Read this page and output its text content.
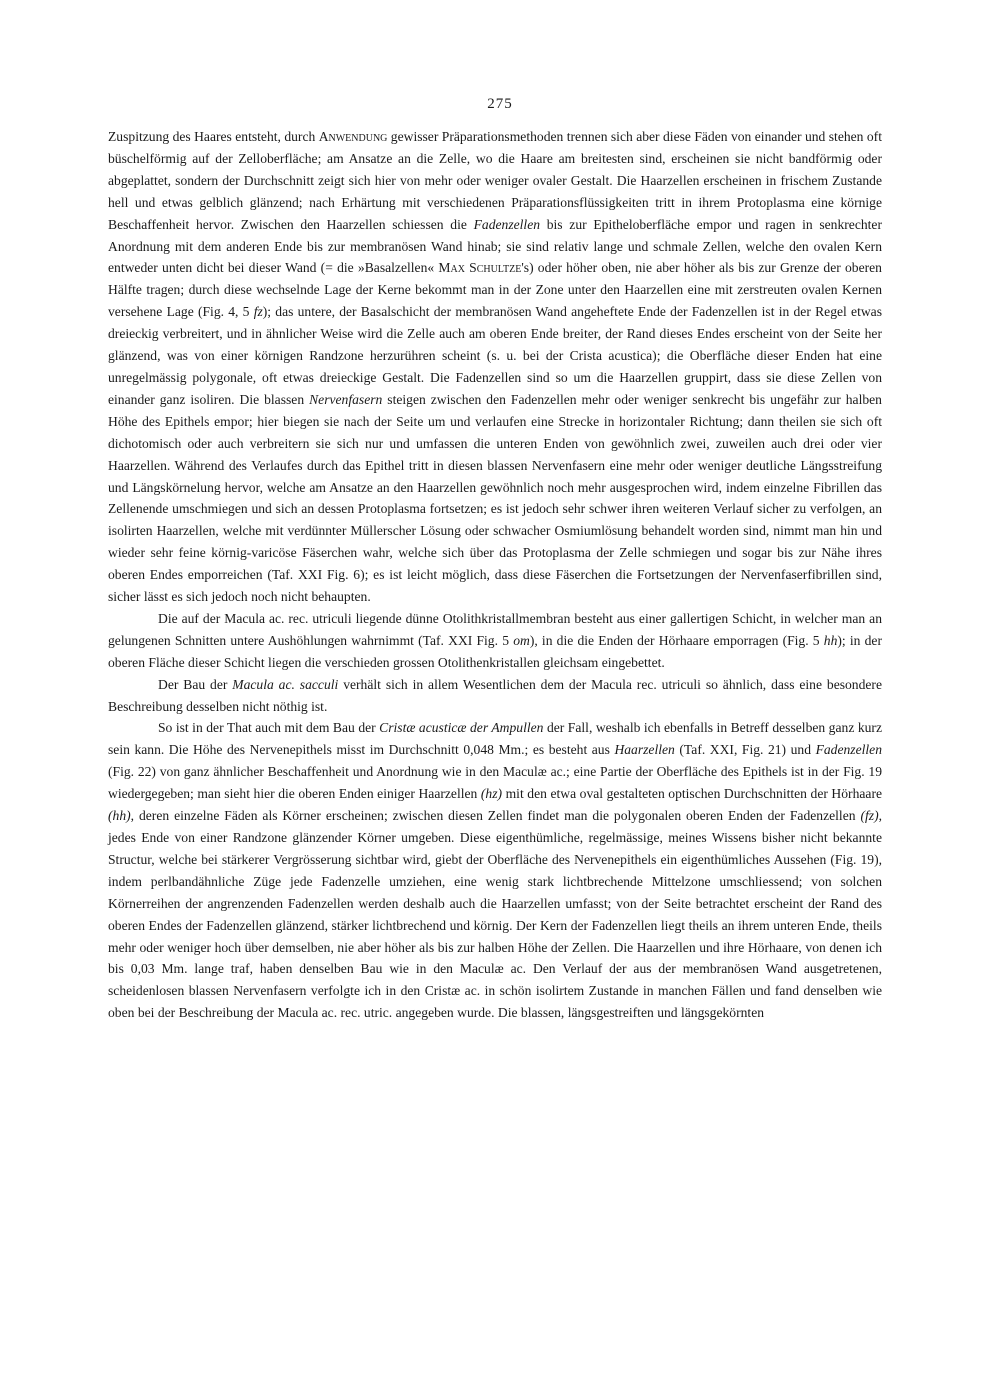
275

Zuspitzung des Haares entsteht, durch Anwendung gewisser Präparationsmethoden trennen sich aber diese Fäden von einander und stehen oft büschelförmig auf der Zelloberfläche; am Ansatze an die Zelle, wo die Haare am breitesten sind, erscheinen sie nicht bandförmig oder abgeplattet, sondern der Durchschnitt zeigt sich hier von mehr oder weniger ovaler Gestalt. Die Haarzellen erscheinen in frischem Zustande hell und etwas gelblich glänzend; nach Erhärtung mit verschiedenen Präparationsflüssigkeiten tritt in ihrem Protoplasma eine körnige Beschaffenheit hervor. Zwischen den Haarzellen schiessen die Fadenzellen bis zur Epitheloberfläche empor und ragen in senkrechter Anordnung mit dem anderen Ende bis zur membranösen Wand hinab; sie sind relativ lange und schmale Zellen, welche den ovalen Kern entweder unten dicht bei dieser Wand (= die »Basalzellen« Max Schultze's) oder höher oben, nie aber höher als bis zur Grenze der oberen Hälfte tragen; durch diese wechselnde Lage der Kerne bekommt man in der Zone unter den Haarzellen eine mit zerstreuten ovalen Kernen versehene Lage (Fig. 4, 5 fz); das untere, der Basalschicht der membranösen Wand angeheftete Ende der Fadenzellen ist in der Regel etwas dreieckig verbreitert, und in ähnlicher Weise wird die Zelle auch am oberen Ende breiter, der Rand dieses Endes erscheint von der Seite her glänzend, was von einer körnigen Randzone herzurühren scheint (s. u. bei der Crista acustica); die Oberfläche dieser Enden hat eine unregelmässig polygonale, oft etwas dreieckige Gestalt. Die Fadenzellen sind so um die Haarzellen gruppirt, dass sie diese Zellen von einander ganz isoliren. Die blassen Nervenfasern steigen zwischen den Fadenzellen mehr oder weniger senkrecht bis ungefähr zur halben Höhe des Epithels empor; hier biegen sie nach der Seite um und verlaufen eine Strecke in horizontaler Richtung; dann theilen sie sich oft dichotomisch oder auch verbreitern sie sich nur und umfassen die unteren Enden von gewöhnlich zwei, zuweilen auch drei oder vier Haarzellen. Während des Verlaufes durch das Epithel tritt in diesen blassen Nervenfasern eine mehr oder weniger deutliche Längsstreifung und Längskörnelung hervor, welche am Ansatze an den Haarzellen gewöhnlich noch mehr ausgesprochen wird, indem einzelne Fibrillen das Zellenende umschmiegen und sich an dessen Protoplasma fortsetzen; es ist jedoch sehr schwer ihren weiteren Verlauf sicher zu verfolgen, an isolirten Haarzellen, welche mit verdünnter Müllerscher Lösung oder schwacher Osmiumlösung behandelt worden sind, nimmt man hin und wieder sehr feine körnig-varicöse Fäserchen wahr, welche sich über das Protoplasma der Zelle schmiegen und sogar bis zur Nähe ihres oberen Endes emporreichen (Taf. XXI Fig. 6); es ist leicht möglich, dass diese Fäserchen die Fortsetzungen der Nervenfaserfibrillen sind, sicher lässt es sich jedoch noch nicht behaupten.

Die auf der Macula ac. rec. utriculi liegende dünne Otolithkristallmembran besteht aus einer gallertigen Schicht, in welcher man an gelungenen Schnitten untere Aushöhlungen wahrnimmt (Taf. XXI Fig. 5 om), in die die Enden der Hörhaare emporragen (Fig. 5 hh); in der oberen Fläche dieser Schicht liegen die verschieden grossen Otolithenkristallen gleichsam eingebettet.

Der Bau der Macula ac. sacculi verhält sich in allem Wesentlichen dem der Macula rec. utriculi so ähnlich, dass eine besondere Beschreibung desselben nicht nöthig ist.

So ist in der That auch mit dem Bau der Cristæ acusticæ der Ampullen der Fall, weshalb ich ebenfalls in Betreff desselben ganz kurz sein kann. Die Höhe des Nervenepithels misst im Durchschnitt 0,048 Mm.; es besteht aus Haarzellen (Taf. XXI, Fig. 21) und Fadenzellen (Fig. 22) von ganz ähnlicher Beschaffenheit und Anordnung wie in den Maculæ ac.; eine Partie der Oberfläche des Epithels ist in der Fig. 19 wiedergegeben; man sieht hier die oberen Enden einiger Haarzellen (hz) mit den etwa oval gestalteten optischen Durchschnitten der Hörhaare (hh), deren einzelne Fäden als Körner erscheinen; zwischen diesen Zellen findet man die polygonalen oberen Enden der Fadenzellen (fz), jedes Ende von einer Randzone glänzender Körner umgeben. Diese eigenthümliche, regelmässige, meines Wissens bisher nicht bekannte Structur, welche bei stärkerer Vergrösserung sichtbar wird, giebt der Oberfläche des Nervenepithels ein eigenthümliches Aussehen (Fig. 19), indem perlbandähnliche Züge jede Fadenzelle umziehen, eine wenig stark lichtbrechende Mittelzone umschliessend; von solchen Körnerreihen der angrenzenden Fadenzellen werden deshalb auch die Haarzellen umfasst; von der Seite betrachtet erscheint der Rand des oberen Endes der Fadenzellen glänzend, stärker lichtbrechend und körnig. Der Kern der Fadenzellen liegt theils an ihrem unteren Ende, theils mehr oder weniger hoch über demselben, nie aber höher als bis zur halben Höhe der Zellen. Die Haarzellen und ihre Hörhaare, von denen ich bis 0,03 Mm. lange traf, haben denselben Bau wie in den Maculæ ac. Den Verlauf der aus der membranösen Wand ausgetretenen, scheidenlosen blassen Nervenfasern verfolgte ich in den Cristæ ac. in schön isolirtem Zustande in manchen Fällen und fand denselben wie oben bei der Beschreibung der Macula ac. rec. utric. angegeben wurde. Die blassen, längsgestreiften und längsgekörnten
